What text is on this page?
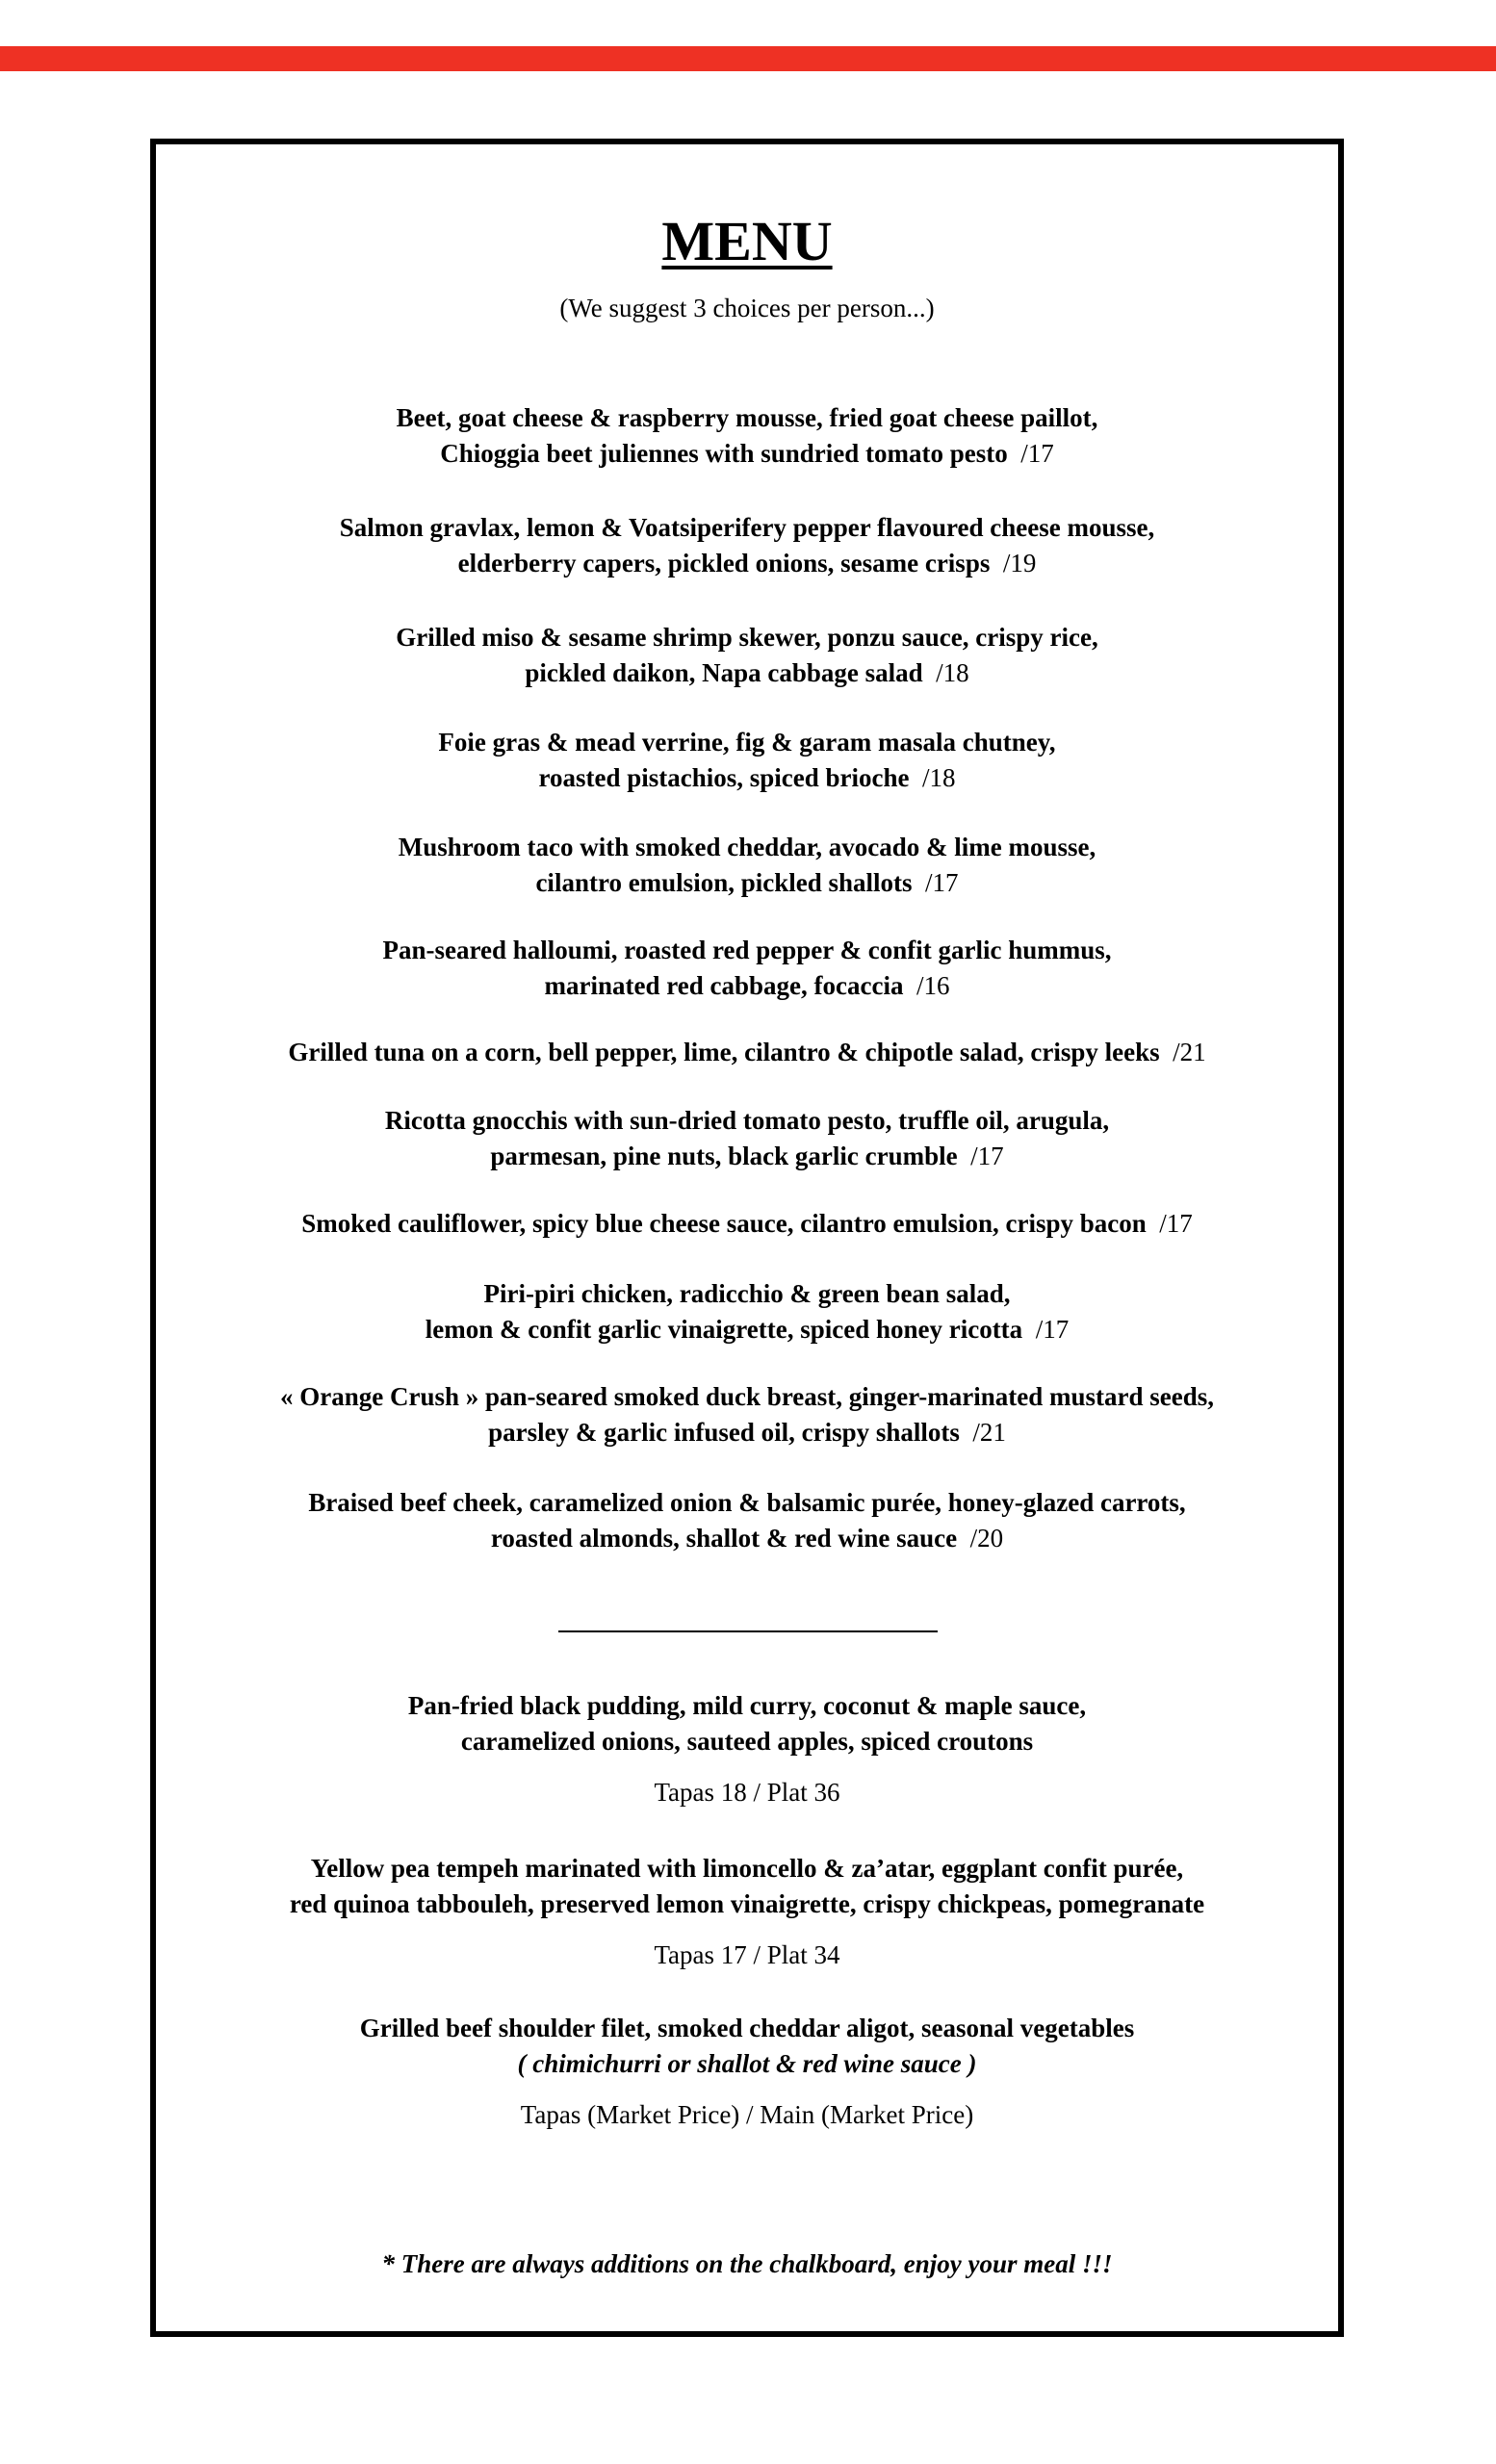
MENU
(We suggest 3 choices per person...)
Beet, goat cheese & raspberry mousse, fried goat cheese paillot,
Chioggia beet juliennes with sundried tomato pesto /17
Salmon gravlax, lemon & Voatsiperifery pepper flavoured cheese mousse,
elderberry capers, pickled onions, sesame crisps /19
Grilled miso & sesame shrimp skewer, ponzu sauce, crispy rice,
pickled daikon, Napa cabbage salad /18
Foie gras & mead verrine, fig & garam masala chutney,
roasted pistachios, spiced brioche /18
Mushroom taco with smoked cheddar, avocado & lime mousse,
cilantro emulsion, pickled shallots /17
Pan-seared halloumi, roasted red pepper & confit garlic hummus,
marinated red cabbage, focaccia /16
Grilled tuna on a corn, bell pepper, lime, cilantro & chipotle salad, crispy leeks /21
Ricotta gnocchis with sun-dried tomato pesto, truffle oil, arugula,
parmesan, pine nuts, black garlic crumble /17
Smoked cauliflower, spicy blue cheese sauce, cilantro emulsion, crispy bacon /17
Piri-piri chicken, radicchio & green bean salad,
lemon & confit garlic vinaigrette, spiced honey ricotta /17
« Orange Crush » pan-seared smoked duck breast, ginger-marinated mustard seeds,
parsley & garlic infused oil, crispy shallots /21
Braised beef cheek, caramelized onion & balsamic purée, honey-glazed carrots,
roasted almonds, shallot & red wine sauce /20
Pan-fried black pudding, mild curry, coconut & maple sauce,
caramelized onions, sauteed apples, spiced croutons
Tapas 18 / Plat 36
Yellow pea tempeh marinated with limoncello & za’atar, eggplant confit purée,
red quinoa tabbouleh, preserved lemon vinaigrette, crispy chickpeas, pomegranate
Tapas 17 / Plat 34
Grilled beef shoulder filet, smoked cheddar aligot, seasonal vegetables
( chimichurri or shallot & red wine sauce )
Tapas (Market Price) / Main (Market Price)
* There are always additions on the chalkboard, enjoy your meal !!!
